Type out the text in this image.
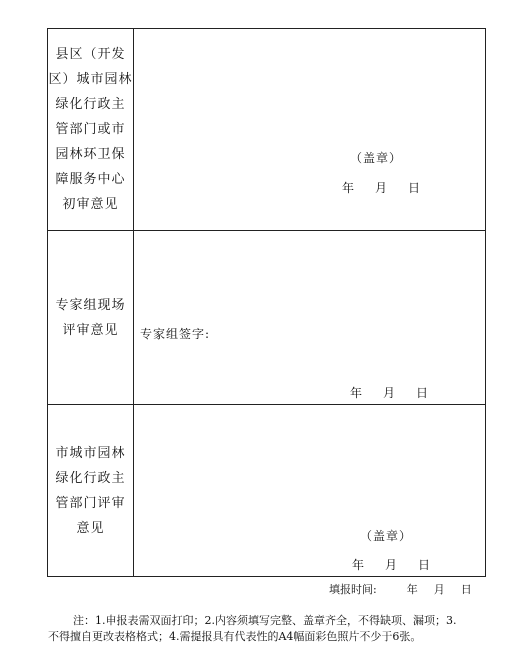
县区（开发
区）城市园林
绿化行政主
管部门或市
园林环卫保
障服务中心
初审意见
（盖章）
年 月 日
专家组现场
评审意见 专家组签字:
年 月 日
市城市园林
绿化行政主
管部门评审
意见
（盖章）
年 月 日
填报时间:	年 月 日
注：1.申报表需双面打印；2.内容须填写完整、盖章齐全，不得缺项、漏项；3.
不得擅自更改表格格式；4.需提报具有代表性的A4幅面彩色照片不少于6张。
